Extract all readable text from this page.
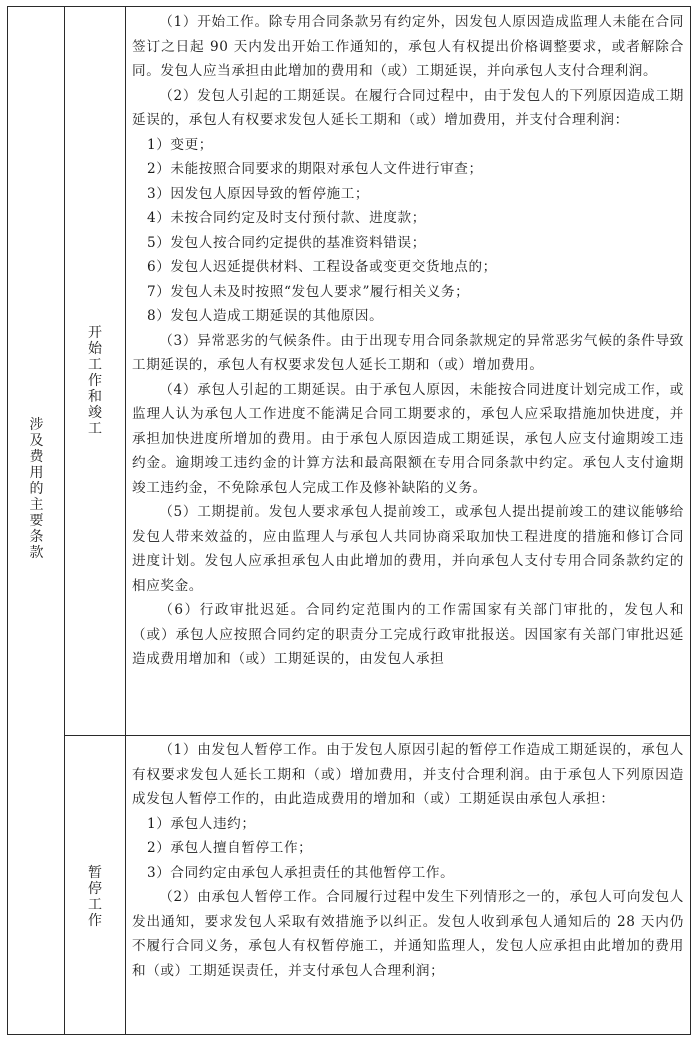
涉
及
费
用
的
主
要
条
款
开
始
工
作
和
竣
工
暂
停
工
作

（1）开始工作。除专用合同条款另有约定外，因发包人原因造成监理人未能在合同签订之日起 90 天内发出开始工作通知的，承包人有权提出价格调整要求，或者解除合同。发包人应当承担由此增加的费用和（或）工期延误，并向承包人支付合理利润。

（2）发包人引起的工期延误。在履行合同过程中，由于发包人的下列原因造成工期延误的，承包人有权要求发包人延长工期和（或）增加费用，并支付合理利润：

1）变更；

2）未能按照合同要求的期限对承包人文件进行审查；

3）因发包人原因导致的暂停施工；

4）未按合同约定及时支付预付款、进度款；

5）发包人按合同约定提供的基准资料错误；

6）发包人迟延提供材料、工程设备或变更交货地点的；

7）发包人未及时按照“发包人要求”履行相关义务；

8）发包人造成工期延误的其他原因。

（3）异常恶劣的气候条件。由于出现专用合同条款规定的异常恶劣气候的条件导致工期延误的，承包人有权要求发包人延长工期和（或）增加费用。

（4）承包人引起的工期延误。由于承包人原因，未能按合同进度计划完成工作，或监理人认为承包人工作进度不能满足合同工期要求的，承包人应采取措施加快进度，并承担加快进度所增加的费用。由于承包人原因造成工期延误，承包人应支付逾期竣工违约金。逾期竣工违约金的计算方法和最高限额在专用合同条款中约定。承包人支付逾期竣工违约金，不免除承包人完成工作及修补缺陷的义务。

（5）工期提前。发包人要求承包人提前竣工，或承包人提出提前竣工的建议能够给发包人带来效益的，应由监理人与承包人共同协商采取加快工程进度的措施和修订合同进度计划。发包人应承担承包人由此增加的费用，并向承包人支付专用合同条款约定的相应奖金。

（6）行政审批迟延。合同约定范围内的工作需国家有关部门审批的，发包人和（或）承包人应按照合同约定的职责分工完成行政审批报送。因国家有关部门审批迟延造成费用增加和（或）工期延误的，由发包人承担

（1）由发包人暂停工作。由于发包人原因引起的暂停工作造成工期延误的，承包人有权要求发包人延长工期和（或）增加费用，并支付合理利润。由于承包人下列原因造成发包人暂停工作的，由此造成费用的增加和（或）工期延误由承包人承担：

1）承包人违约；

2）承包人擅自暂停工作；

3）合同约定由承包人承担责任的其他暂停工作。

（2）由承包人暂停工作。合同履行过程中发生下列情形之一的，承包人可向发包人发出通知，要求发包人采取有效措施予以纠正。发包人收到承包人通知后的 28 天内仍不履行合同义务，承包人有权暂停施工，并通知监理人，发包人应承担由此增加的费用和（或）工期延误责任，并支付承包人合理利润；
